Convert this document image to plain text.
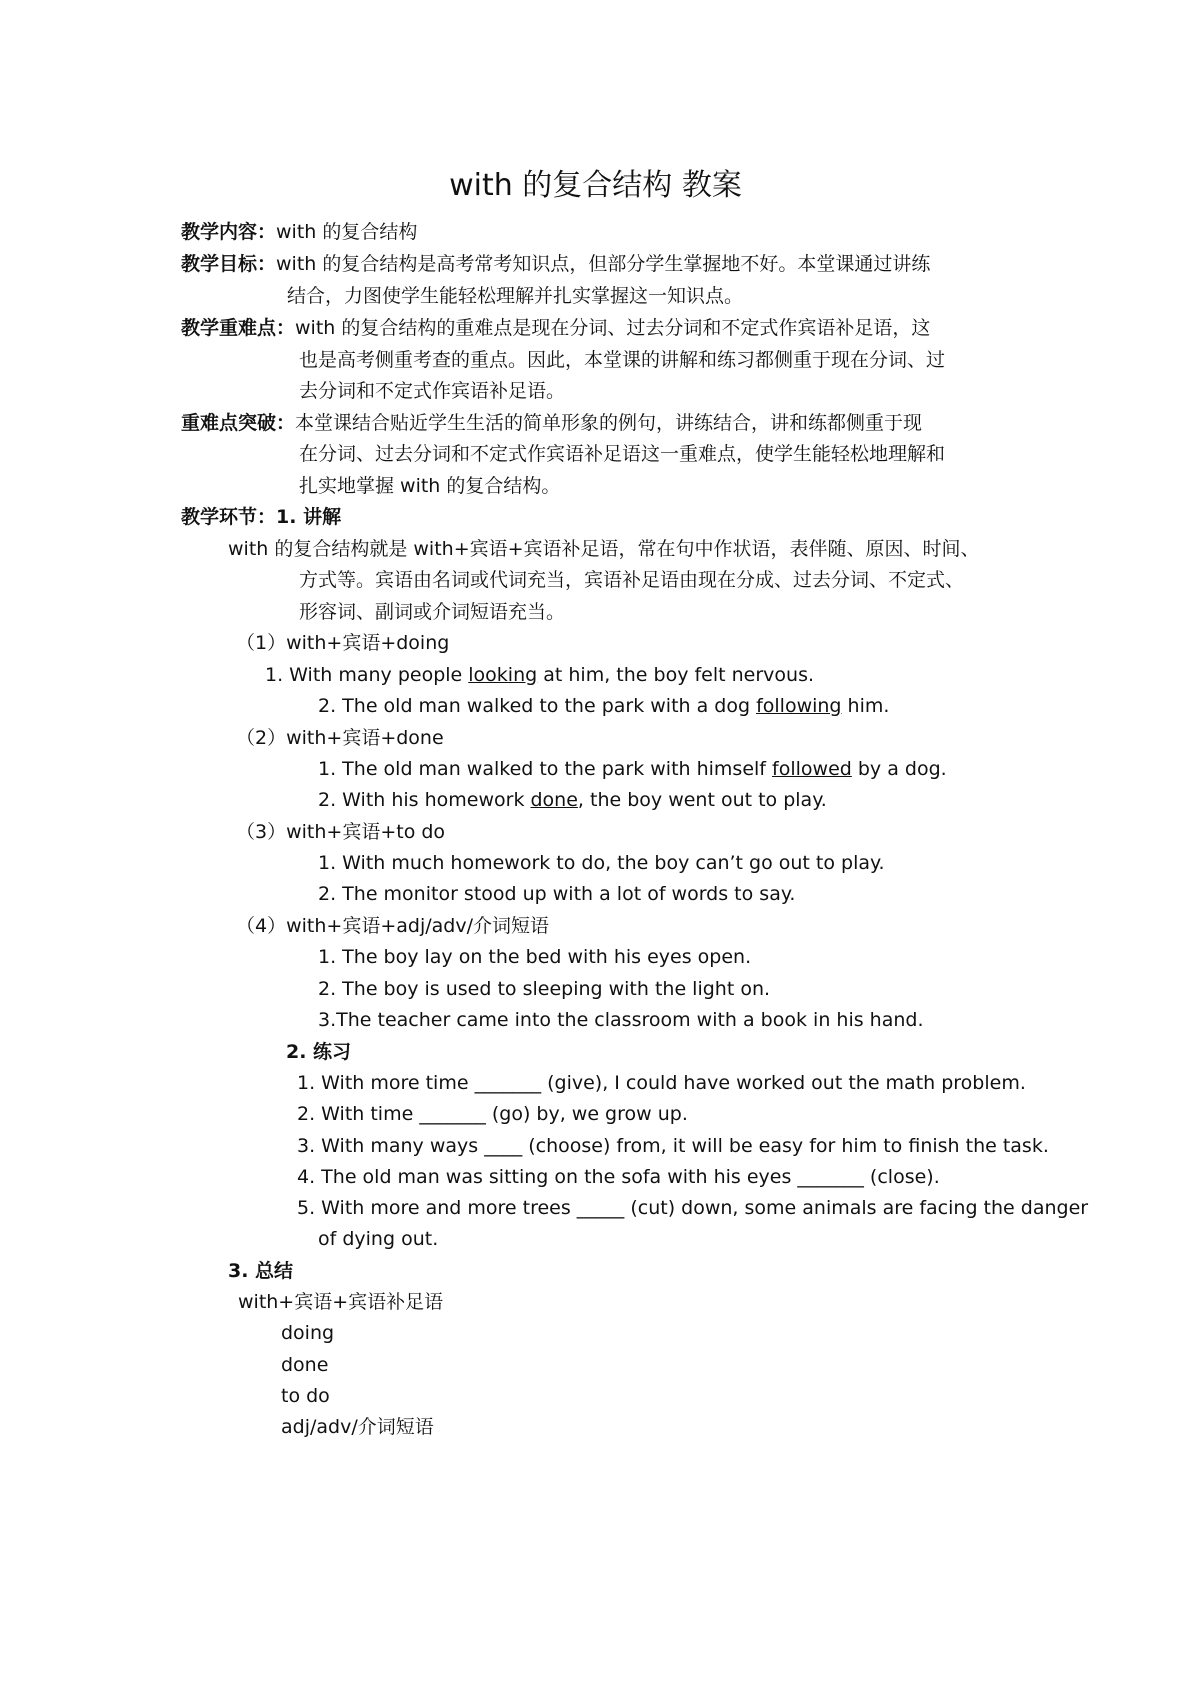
with 的复合结构 教案
教学内容：with 的复合结构
教学目标：with 的复合结构是高考常考知识点，但部分学生掌握地不好。本堂课通过讲练
结合，力图使学生能轻松理解并扎实掌握这一知识点。
教学重难点：with 的复合结构的重难点是现在分词、过去分词和不定式作宾语补足语，这
也是高考侧重考查的重点。因此，本堂课的讲解和练习都侧重于现在分词、过
去分词和不定式作宾语补足语。
重难点突破：本堂课结合贴近学生生活的简单形象的例句，讲练结合，讲和练都侧重于现
在分词、过去分词和不定式作宾语补足语这一重难点，使学生能轻松地理解和
扎实地掌握 with 的复合结构。
教学环节：1. 讲解
with 的复合结构就是 with+宾语+宾语补足语，常在句中作状语，表伴随、原因、时间、
方式等。宾语由名词或代词充当，宾语补足语由现在分成、过去分词、不定式、
形容词、副词或介词短语充当。
（1）with+宾语+doing
1. With many people looking at him, the boy felt nervous.
2. The old man walked to the park with a dog following him.
（2）with+宾语+done
1. The old man walked to the park with himself followed by a dog.
2. With his homework done, the boy went out to play.
（3）with+宾语+to do
1. With much homework to do, the boy can’t go out to play.
2. The monitor stood up with a lot of words to say.
（4）with+宾语+adj/adv/介词短语
1. The boy lay on the bed with his eyes open.
2. The boy is used to sleeping with the light on.
3.The teacher came into the classroom with a book in his hand.
2. 练习
1. With more time _______ (give), I could have worked out the math problem.
2. With time _______ (go) by, we grow up.
3. With many ways ____ (choose) from, it will be easy for him to finish the task.
4. The old man was sitting on the sofa with his eyes _______ (close).
5. With more and more trees _____ (cut) down, some animals are facing the danger
of dying out.
3. 总结
with+宾语+宾语补足语
doing
done
to do
adj/adv/介词短语
